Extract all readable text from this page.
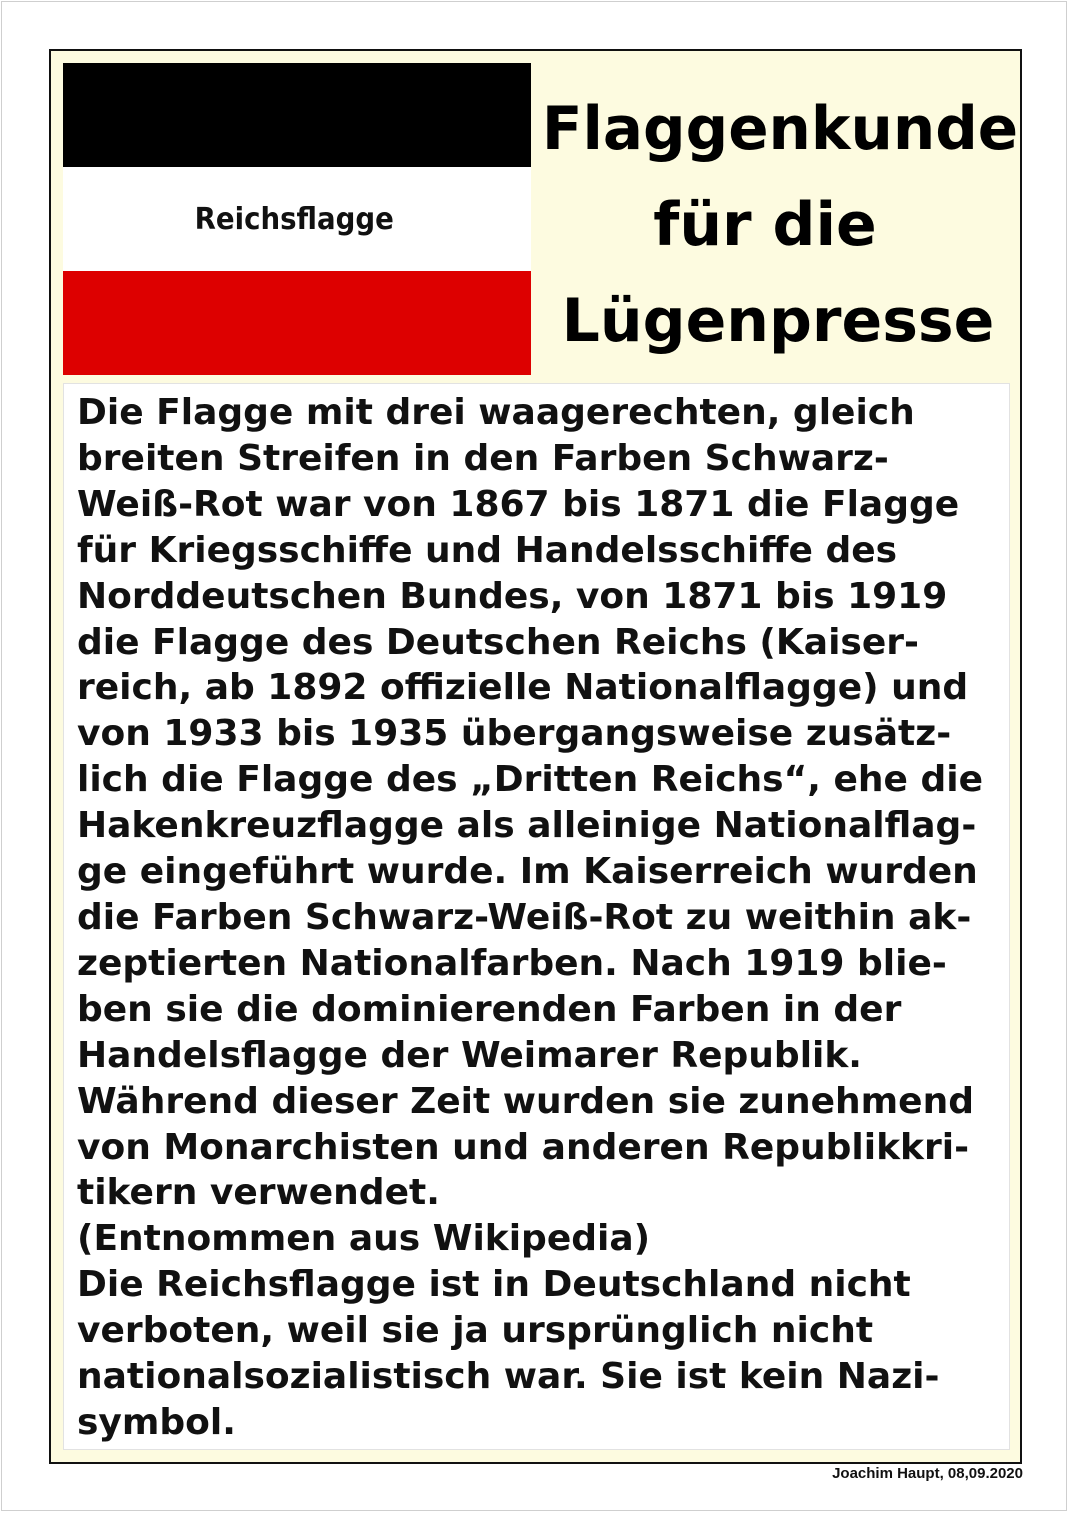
Reichsflagge
Flaggenkunde
für die
Lügenpresse
Die Flagge mit drei waagerechten, gleich
breiten Streifen in den Farben Schwarz-
Weiß-Rot war von 1867 bis 1871 die Flagge
für Kriegsschiffe und Handelsschiffe des
Norddeutschen Bundes, von 1871 bis 1919
die Flagge des Deutschen Reichs (Kaiser-
reich, ab 1892 offizielle Nationalflagge) und
von 1933 bis 1935 übergangsweise zusätz-
lich die Flagge des „Dritten Reichs“, ehe die
Hakenkreuzflagge als alleinige Nationalflag-
ge eingeführt wurde. Im Kaiserreich wurden
die Farben Schwarz-Weiß-Rot zu weithin ak-
zeptierten Nationalfarben. Nach 1919 blie-
ben sie die dominierenden Farben in der
Handelsflagge der Weimarer Republik.
Während dieser Zeit wurden sie zunehmend
von Monarchisten und anderen Republikkri-
tikern verwendet.
(Entnommen aus Wikipedia)
Die Reichsflagge ist in Deutschland nicht
verboten, weil sie ja ursprünglich nicht
nationalsozialistisch war. Sie ist kein Nazi-
symbol.
Joachim Haupt, 08,09.2020
